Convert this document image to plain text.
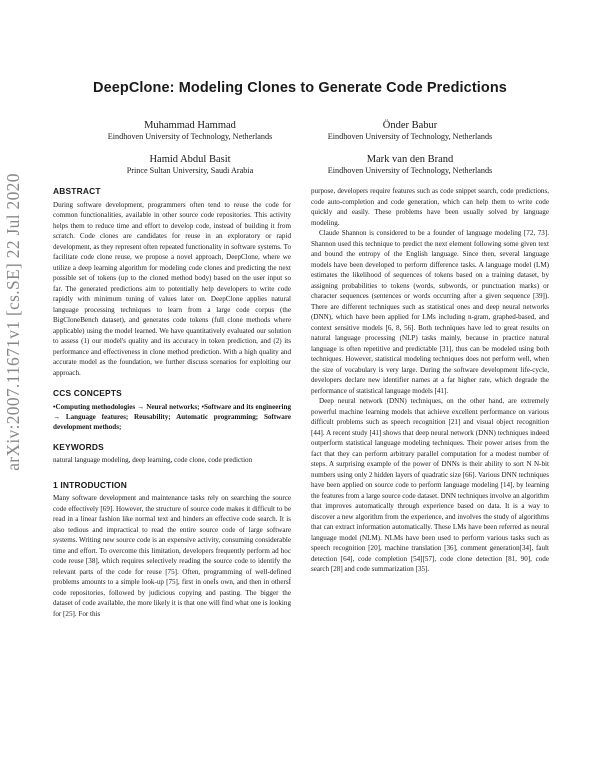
arXiv:2007.11671v1 [cs.SE] 22 Jul 2020
DeepClone: Modeling Clones to Generate Code Predictions
Muhammad Hammad
Eindhoven University of Technology, Netherlands
Önder Babur
Eindhoven University of Technology, Netherlands
Hamid Abdul Basit
Prince Sultan University, Saudi Arabia
Mark van den Brand
Eindhoven University of Technology, Netherlands
ABSTRACT

During software development, programmers often tend to reuse the code for common functionalities, available in other source code repositories. This activity helps them to reduce time and effort to develop code, instead of building it from scratch. Code clones are candidates for reuse in an exploratory or rapid development, as they represent often repeated functionality in software systems. To facilitate code clone reuse, we propose a novel approach, DeepClone, where we utilize a deep learning algorithm for modeling code clones and predicting the next possible set of tokens (up to the cloned method body) based on the user input so far. The generated predictions aim to potentially help developers to write code rapidly with minimum tuning of values later on. DeepClone applies natural language processing techniques to learn from a large code corpus (the BigCloneBench dataset), and generates code tokens (full clone methods where applicable) using the model learned. We have quantitatively evaluated our solution to assess (1) our model's quality and its accuracy in token prediction, and (2) its performance and effectiveness in clone method prediction. With a high quality and accurate model as the foundation, we further discuss scenarios for exploiting our approach.

CCS CONCEPTS

•Computing methodologies → Neural networks; •Software and its engineering → Language features; Reusability; Automatic programming; Software development methods;

KEYWORDS

natural language modeling, deep learning, code clone, code prediction

1 INTRODUCTION

Many software development and maintenance tasks rely on searching the source code effectively [69]. However, the structure of source code makes it difficult to be read in a linear fashion like normal text and hinders an effective code search. It is also tedious and impractical to read the entire source code of large software systems. Writing new source code is an expensive activity, consuming considerable time and effort. To overcome this limitation, developers frequently perform ad hoc code reuse [38], which requires selectively reading the source code to identify the relevant parts of the code for reuse [75]. Often, programming of well-defined problems amounts to a simple look-up [75], first in oneÍs own, and then in othersÍ code repositories, followed by judicious copying and pasting. The bigger the dataset of code available, the more likely it is that one will find what one is looking for [25]. For this

purpose, developers require features such as code snippet search, code predictions, code auto-completion and code generation, which can help them to write code quickly and easily. These problems have been usually solved by language modeling.

Claude Shannon is considered to be a founder of language modeling [72, 73]. Shannon used this technique to predict the next element following some given text and bound the entropy of the English language. Since then, several language models have been developed to perform difference tasks. A language model (LM) estimates the likelihood of sequences of tokens based on a training dataset, by assigning probabilities to tokens (words, subwords, or punctuation marks) or character sequences (sentences or words occurring after a given sequence [39]). There are different techniques such as statistical ones and deep neural networks (DNN), which have been applied for LMs including n-gram, graphed-based, and context sensitive models [6, 8, 56]. Both techniques have led to great results on natural language processing (NLP) tasks mainly, because in practice natural language is often repetitive and predictable [31], thus can be modeled using both techniques. However, statistical modeling techniques does not perform well, when the size of vocabulary is very large. During the software development life-cycle, developers declare new identifier names at a far higher rate, which degrade the performance of statistical language models [41].

Deep neural network (DNN) techniques, on the other hand, are extremely powerful machine learning models that achieve excellent performance on various difficult problems such as speech recognition [21] and visual object recognition [44]. A recent study [41] shows that deep neural network (DNN) techniques indeed outperform statistical language modeling techniques. Their power arises from the fact that they can perform arbitrary parallel computation for a modest number of steps. A surprising example of the power of DNNs is their ability to sort N N-bit numbers using only 2 hidden layers of quadratic size [66]. Various DNN techniques have been applied on source code to perform language modeling [14], by learning the features from a large source code dataset. DNN techniques involve an algorithm that improves automatically through experience based on data. It is a way to discover a new algorithm from the experience, and involves the study of algorithms that can extract information automatically. These LMs have been referred as neural language model (NLM). NLMs have been used to perform various tasks such as speech recognition [20], machine translation [36], comment generation[34], fault detection [64], code completion [54][57], code clone detection [81, 90], code search [28] and code summarization [35].
